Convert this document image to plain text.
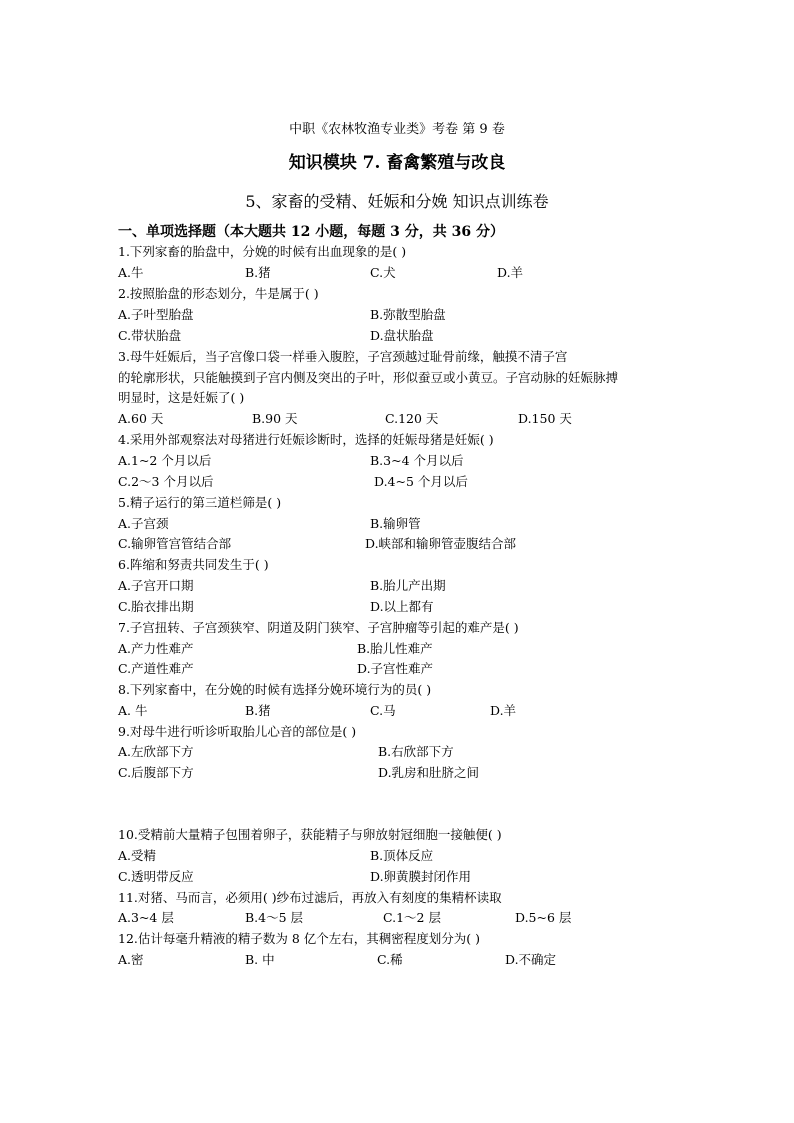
中职《农林牧渔专业类》考卷 第 9 卷
知识模块 7. 畜禽繁殖与改良
5、家畜的受精、妊娠和分娩 知识点训练卷
一、单项选择题（本大题共 12 小题，每题 3 分，共 36 分）
1.下列家畜的胎盘中，分娩的时候有出血现象的是( )
A.牛	B.猪	C.犬	D.羊
2.按照胎盘的形态划分，牛是属于( )
A.子叶型胎盘	B.弥散型胎盘
C.带状胎盘	D.盘状胎盘
3.母牛妊娠后，当子宫像口袋一样垂入腹腔，子宫颈越过耻骨前缘，触摸不清子宫
的轮廓形状，只能触摸到子宫内侧及突出的子叶，形似蚕豆或小黄豆。子宫动脉的妊娠脉搏
明显时，这是妊娠了( )
A.60 天	B.90 天	C.120 天	D.150 天
4.采用外部观察法对母猪进行妊娠诊断时，选择的妊娠母猪是妊娠( )
A.1~2 个月以后	B.3~4 个月以后
C.2～3 个月以后	D.4~5 个月以后
5.精子运行的第三道栏筛是( )
A.子宫颈	B.输卵管
C.输卵管宫管结合部	D.峡部和输卵管壶腹结合部
6.阵缩和努责共同发生于( )
A.子宫开口期	B.胎儿产出期
C.胎衣排出期	D.以上都有
7.子宫扭转、子宫颈狭窄、阴道及阴门狭窄、子宫肿瘤等引起的难产是( )
A.产力性难产	B.胎儿性难产
C.产道性难产	D.子宫性难产
8.下列家畜中，在分娩的时候有选择分娩环境行为的员( )
A. 牛	B.猪	C.马	D.羊
9.对母牛进行听诊听取胎儿心音的部位是( )
A.左欣部下方	B.右欣部下方
C.后腹部下方	D.乳房和肚脐之间
10.受精前大量精子包围着卵子，获能精子与卵放射冠细胞一接触便( )
A.受精	B.顶体反应
C.透明带反应	D.卵黄膜封闭作用
11.对猪、马而言，必须用( )纱布过滤后，再放入有刻度的集精杯读取
A.3~4 层	B.4～5 层	C.1～2 层	D.5~6 层
12.估计每毫升精液的精子数为 8 亿个左右，其稠密程度划分为( )
A.密	B. 中	C.稀	D.不确定
